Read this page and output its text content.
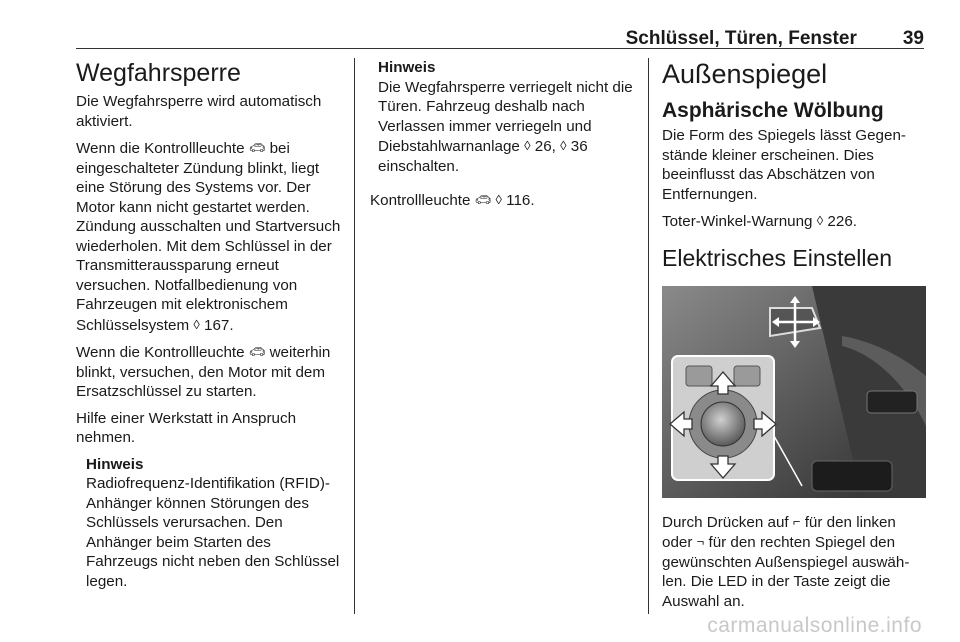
Schlüssel, Türen, Fenster 39
Wegfahrsperre

Die Wegfahrsperre wird automatisch aktiviert.

Wenn die Kontrollleuchte 🚗︎ bei eingeschalteter Zündung blinkt, liegt eine Störung des Systems vor. Der Motor kann nicht gestartet werden. Zündung ausschalten und Startversuch wiederholen. Mit dem Schlüssel in der Transmitteraussparung erneut versuchen. Notfallbedienung von Fahrzeugen mit elektronischem Schlüsselsystem ◊ 167.

Wenn die Kontrollleuchte 🚗︎ weiterhin blinkt, versuchen, den Motor mit dem Ersatzschlüssel zu starten.

Hilfe einer Werkstatt in Anspruch nehmen.

Hinweis
Radiofrequenz-Identifikation (RFID)-Anhänger können Störungen des Schlüssels verursachen. Den Anhänger beim Starten des Fahrzeugs nicht neben den Schlüssel legen.
Hinweis
Die Wegfahrsperre verriegelt nicht die Türen. Fahrzeug deshalb nach Verlassen immer verriegeln und Diebstahlwarnanlage ◊ 26, ◊ 36 einschalten.

Kontrollleuchte 🚗︎ ◊ 116.

Außenspiegel
Asphärische Wölbung

Die Form des Spiegels lässt Gegenstände kleiner erscheinen. Dies beeinflusst das Abschätzen von Entfernungen.

Toter-Winkel-Warnung ◊ 226.

Elektrisches Einstellen

Durch Drücken auf ⌐ für den linken oder ¬ für den rechten Spiegel den gewünschten Außenspiegel auswählen. Die LED in der Taste zeigt die Auswahl an.

carmanualsonline.info
